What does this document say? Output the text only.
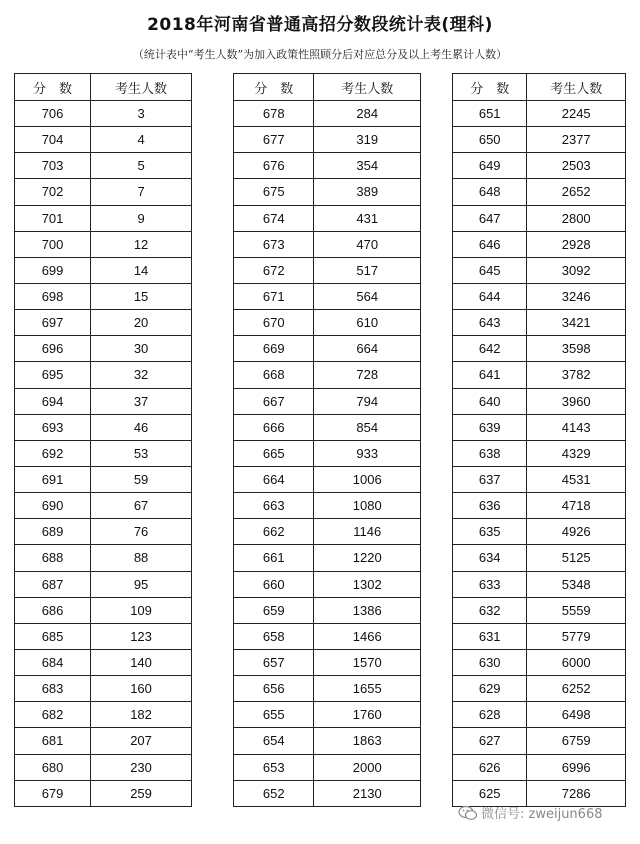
2018年河南省普通高招分数段统计表(理科)
（统计表中“考生人数”为加入政策性照顾分后对应总分及以上考生累计人数）
分　数	考生人数
706	3
704	4
703	5
702	7
701	9
700	12
699	14
698	15
697	20
696	30
695	32
694	37
693	46
692	53
691	59
690	67
689	76
688	88
687	95
686	109
685	123
684	140
683	160
682	182
681	207
680	230
679	259
分　数	考生人数
678	284
677	319
676	354
675	389
674	431
673	470
672	517
671	564
670	610
669	664
668	728
667	794
666	854
665	933
664	1006
663	1080
662	1146
661	1220
660	1302
659	1386
658	1466
657	1570
656	1655
655	1760
654	1863
653	2000
652	2130
分　数	考生人数
651	2245
650	2377
649	2503
648	2652
647	2800
646	2928
645	3092
644	3246
643	3421
642	3598
641	3782
640	3960
639	4143
638	4329
637	4531
636	4718
635	4926
634	5125
633	5348
632	5559
631	5779
630	6000
629	6252
628	6498
627	6759
626	6996
625	7286
微信号: zweijun668
